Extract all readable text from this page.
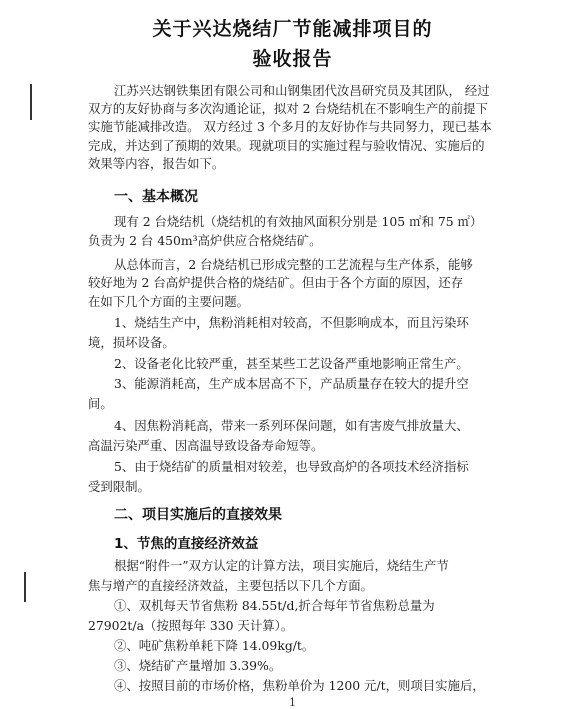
关于兴达烧结厂节能减排项目的
验收报告
江苏兴达钢铁集团有限公司和山钢集团代汝昌研究员及其团队， 经过
双方的友好协商与多次沟通论证，拟对 2 台烧结机在不影响生产的前提下
实施节能减排改造。 双方经过 3 个多月的友好协作与共同努力，现已基本
完成，并达到了预期的效果。现就项目的实施过程与验收情况、实施后的
效果等内容，报告如下。
一、基本概况
现有 2 台烧结机（烧结机的有效抽风面积分别是 105 ㎡和 75 ㎡）
负责为 2 台 450m³高炉供应合格烧结矿。
从总体而言，2 台烧结机已形成完整的工艺流程与生产体系，能够
较好地为 2 台高炉提供合格的烧结矿。但由于各个方面的原因，还存
在如下几个方面的主要问题。
1、烧结生产中，焦粉消耗相对较高，不但影响成本，而且污染环
境，损坏设备。
2、设备老化比较严重，甚至某些工艺设备严重地影响正常生产。
3、能源消耗高，生产成本居高不下，产品质量存在较大的提升空
间。
4、因焦粉消耗高，带来一系列环保问题，如有害废气排放量大、
高温污染严重、因高温导致设备寿命短等。
5、由于烧结矿的质量相对较差，也导致高炉的各项技术经济指标
受到限制。
二、项目实施后的直接效果
1、节焦的直接经济效益
根据“附件一”双方认定的计算方法，项目实施后，烧结生产节
焦与增产的直接经济效益，主要包括以下几个方面。
①、双机每天节省焦粉 84.55t/d,折合每年节省焦粉总量为
27902t/a（按照每年 330 天计算）。
②、吨矿焦粉单耗下降 14.09kg/t。
③、烧结矿产量增加 3.39%。
④、按照目前的市场价格，焦粉单价为 1200 元/t，则项目实施后，
1
